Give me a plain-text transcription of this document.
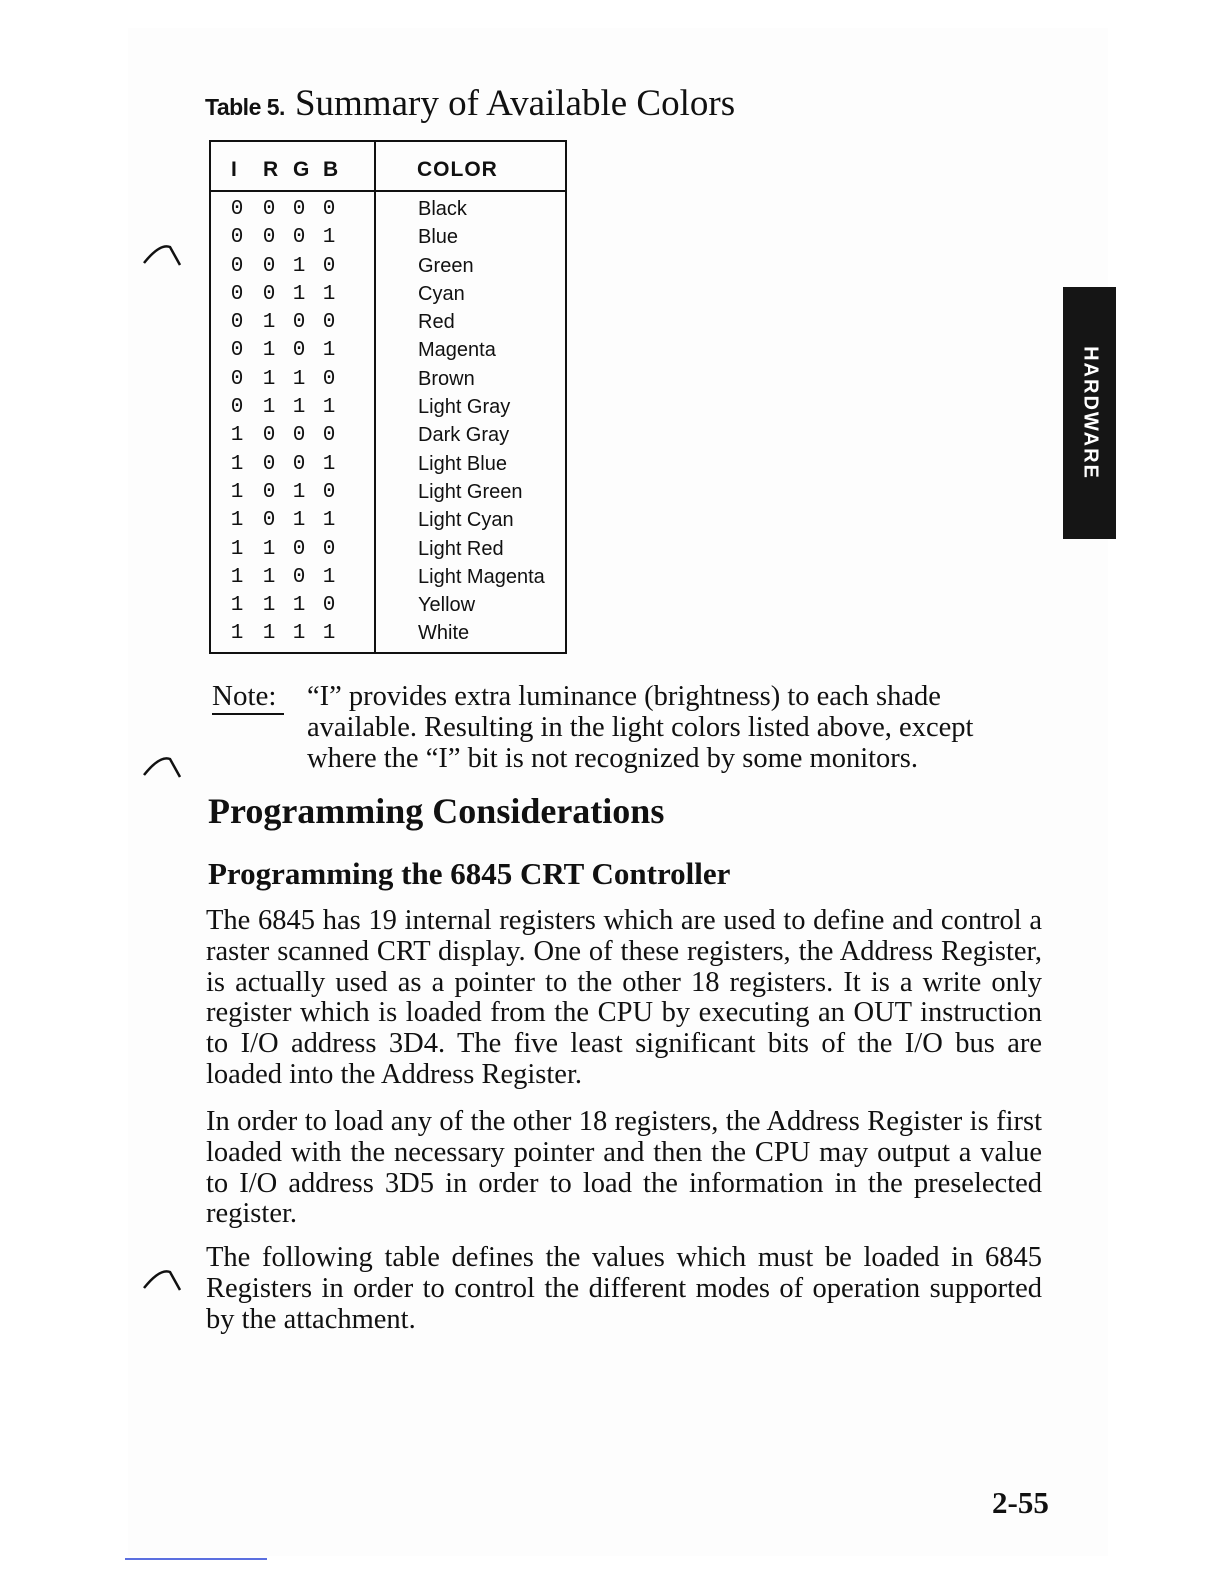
Table 5. Summary of Available Colors
I R G B	COLOR
0 0 0 0	Black
0 0 0 1	Blue
0 0 1 0	Green
0 0 1 1	Cyan
0 1 0 0	Red
0 1 0 1	Magenta
0 1 1 0	Brown
0 1 1 1	Light Gray
1 0 0 0	Dark Gray
1 0 0 1	Light Blue
1 0 1 0	Light Green
1 0 1 1	Light Cyan
1 1 0 0	Light Red
1 1 0 1	Light Magenta
1 1 1 0	Yellow
1 1 1 1	White
HARDWARE
Note: “I” provides extra luminance (brightness) to each shade available. Resulting in the light colors listed above, except where the “I” bit is not recognized by some monitors.
Programming Considerations
Programming the 6845 CRT Controller
The 6845 has 19 internal registers which are used to define and control a raster scanned CRT display. One of these registers, the Address Register, is actually used as a pointer to the other 18 registers. It is a write only register which is loaded from the CPU by executing an OUT instruction to I/O address 3D4. The five least significant bits of the I/O bus are loaded into the Address Register.
In order to load any of the other 18 registers, the Address Register is first loaded with the necessary pointer and then the CPU may output a value to I/O address 3D5 in order to load the information in the preselected register.
The following table defines the values which must be loaded in 6845 Registers in order to control the different modes of operation supported by the attachment.
2-55
